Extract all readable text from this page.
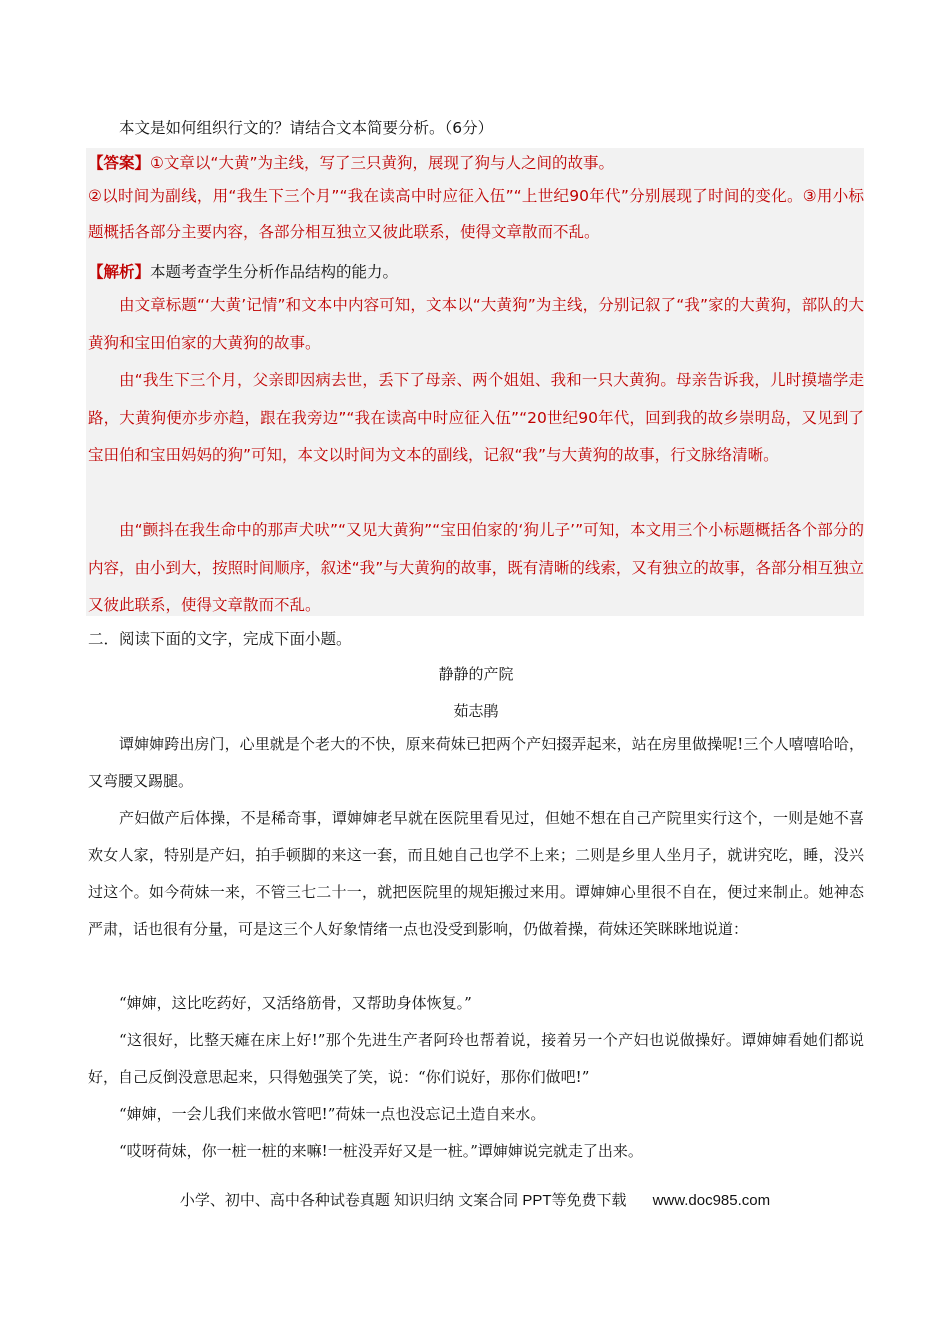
本文是如何组织行文的？请结合文本简要分析。（6分）
【答案】①文章以“大黄”为主线，写了三只黄狗，展现了狗与人之间的故事。
②以时间为副线，用“我生下三个月”“我在读高中时应征入伍”“上世纪90年代”分别展现了时间的变化。③用小标题概括各部分主要内容，各部分相互独立又彼此联系，使得文章散而不乱。
【解析】本题考查学生分析作品结构的能力。
由文章标题“‘大黄’记情”和文本中内容可知，文本以“大黄狗”为主线，分别记叙了“我”家的大黄狗，部队的大黄狗和宝田伯家的大黄狗的故事。
由“我生下三个月，父亲即因病去世，丢下了母亲、两个姐姐、我和一只大黄狗。母亲告诉我，儿时摸墙学走路，大黄狗便亦步亦趋，跟在我旁边”“我在读高中时应征入伍”“20世纪90年代，回到我的故乡崇明岛，又见到了宝田伯和宝田妈妈的狗”可知，本文以时间为文本的副线，记叙“我”与大黄狗的故事，行文脉络清晰。
由“颤抖在我生命中的那声犬吠”“又见大黄狗”“宝田伯家的‘狗儿子’”可知，本文用三个小标题概括各个部分的内容，由小到大，按照时间顺序，叙述“我”与大黄狗的故事，既有清晰的线索，又有独立的故事，各部分相互独立又彼此联系，使得文章散而不乱。
二．阅读下面的文字，完成下面小题。
静静的产院
茹志鹃
谭婶婶跨出房门，心里就是个老大的不快，原来荷妹已把两个产妇掇弄起来，站在房里做操呢!三个人嘻嘻哈哈，又弯腰又踢腿。
产妇做产后体操，不是稀奇事，谭婶婶老早就在医院里看见过，但她不想在自己产院里实行这个，一则是她不喜欢女人家，特别是产妇，拍手顿脚的来这一套，而且她自己也学不上来；二则是乡里人坐月子，就讲究吃，睡，没兴过这个。如今荷妹一来，不管三七二十一，就把医院里的规矩搬过来用。谭婶婶心里很不自在，便过来制止。她神态严肃，话也很有分量，可是这三个人好象情绪一点也没受到影响，仍做着操，荷妹还笑眯眯地说道：
“婶婶，这比吃药好，又活络筋骨，又帮助身体恢复。”
“这很好，比整天瘫在床上好!”那个先进生产者阿玲也帮着说，接着另一个产妇也说做操好。谭婶婶看她们都说好，自己反倒没意思起来，只得勉强笑了笑，说：“你们说好，那你们做吧!”
“婶婶，一会儿我们来做水管吧!”荷妹一点也没忘记土造自来水。
“哎呀荷妹，你一桩一桩的来嘛!一桩没弄好又是一桩。”谭婶婶说完就走了出来。
小学、初中、高中各种试卷真题 知识归纳 文案合同 PPT等免费下载 www.doc985.com
